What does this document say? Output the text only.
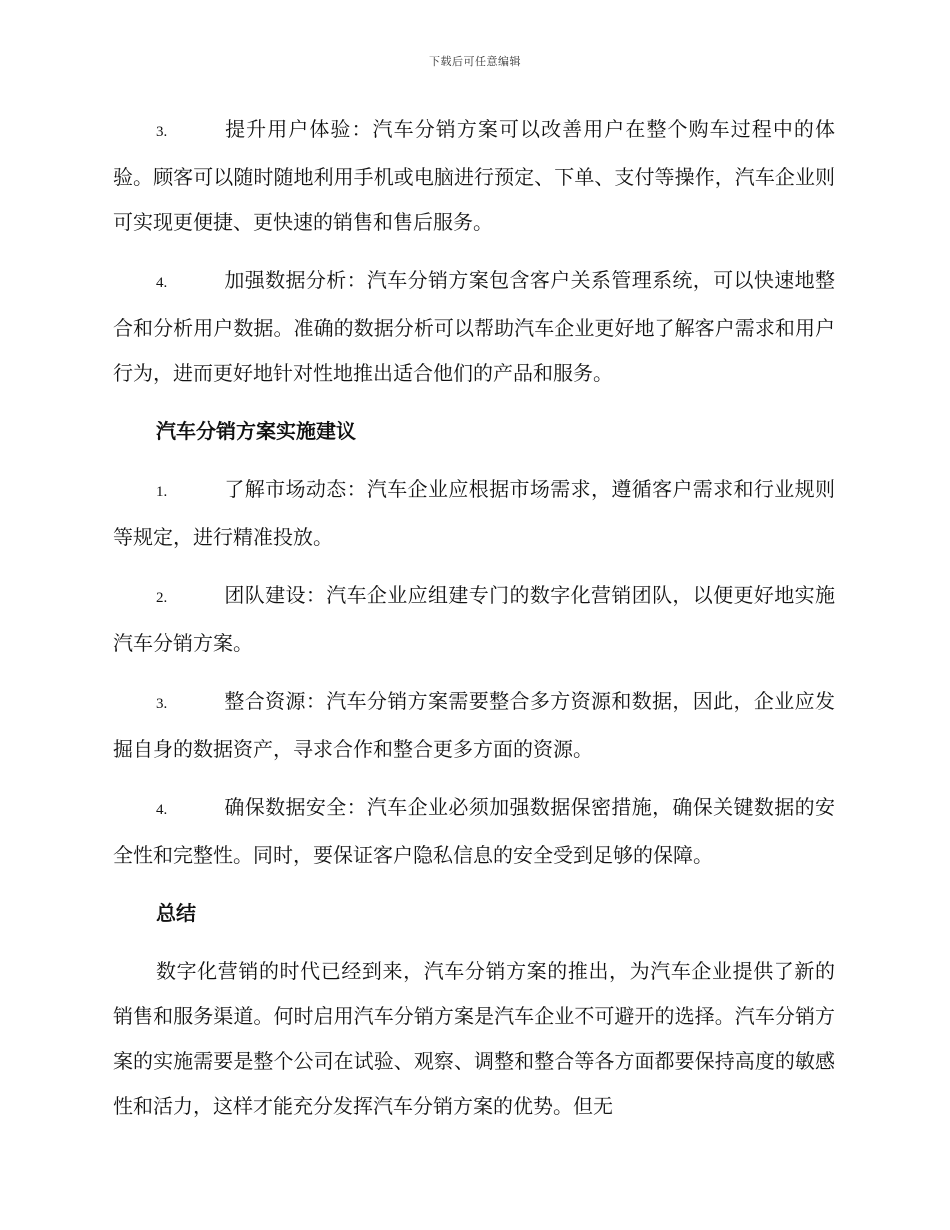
下载后可任意编辑

3.	提升用户体验：汽车分销方案可以改善用户在整个购车过程中的体验。顾客可以随时随地利用手机或电脑进行预定、下单、支付等操作，汽车企业则可实现更便捷、更快速的销售和售后服务。

4.	加强数据分析：汽车分销方案包含客户关系管理系统，可以快速地整合和分析用户数据。准确的数据分析可以帮助汽车企业更好地了解客户需求和用户行为，进而更好地针对性地推出适合他们的产品和服务。

汽车分销方案实施建议

1.	了解市场动态：汽车企业应根据市场需求，遵循客户需求和行业规则等规定，进行精准投放。

2.	团队建设：汽车企业应组建专门的数字化营销团队，以便更好地实施汽车分销方案。

3.	整合资源：汽车分销方案需要整合多方资源和数据，因此，企业应发掘自身的数据资产，寻求合作和整合更多方面的资源。

4.	确保数据安全：汽车企业必须加强数据保密措施，确保关键数据的安全性和完整性。同时，要保证客户隐私信息的安全受到足够的保障。

总结

数字化营销的时代已经到来，汽车分销方案的推出，为汽车企业提供了新的销售和服务渠道。何时启用汽车分销方案是汽车企业不可避开的选择。汽车分销方案的实施需要是整个公司在试验、观察、调整和整合等各方面都要保持高度的敏感性和活力，这样才能充分发挥汽车分销方案的优势。但无
